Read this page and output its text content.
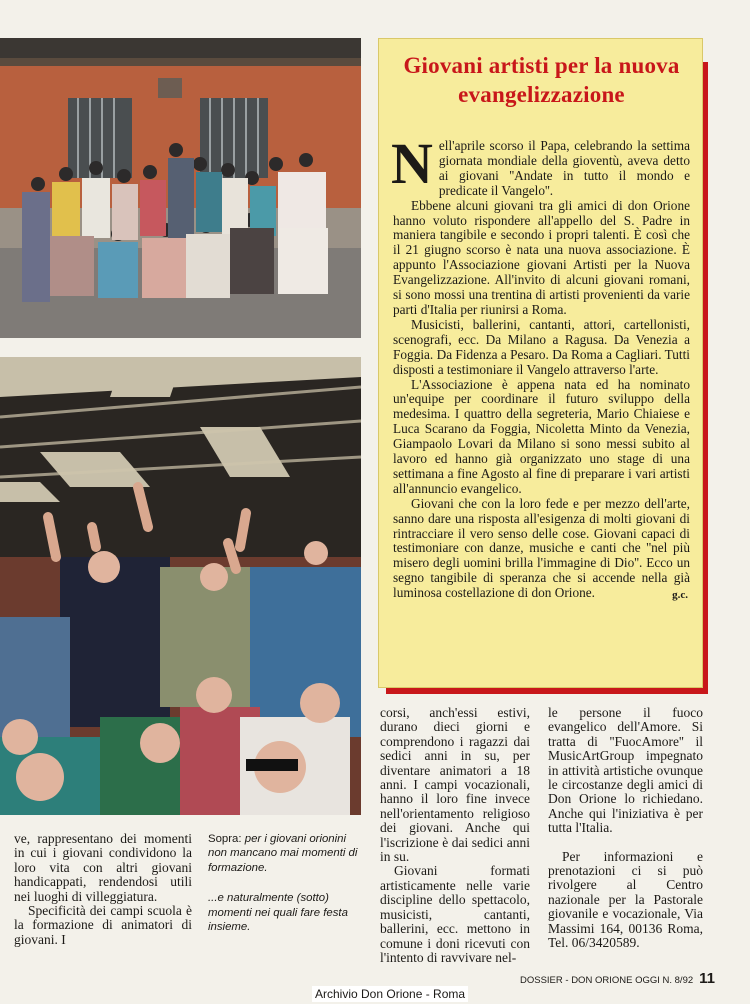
Giovani artisti per la nuova evangelizzazione

Nell'aprile scorso il Papa, celebrando la settima giornata mondiale della gioventù, aveva detto ai giovani ''Andate in tutto il mondo e predicate il Vangelo''.

Ebbene alcuni giovani tra gli amici di don Orione hanno voluto rispondere all'appello del S. Padre in maniera tangibile e secondo i propri talenti. È così che il 21 giugno scorso è nata una nuova associazione. È appunto l'Associazione giovani Artisti per la Nuova Evangelizzazione. All'invito di alcuni giovani romani, si sono mossi una trentina di artisti provenienti da varie parti d'Italia per riunirsi a Roma.

Musicisti, ballerini, cantanti, attori, cartellonisti, scenografi, ecc. Da Milano a Ragusa. Da Venezia a Foggia. Da Fidenza a Pesaro. Da Roma a Cagliari. Tutti disposti a testimoniare il Vangelo attraverso l'arte.

L'Associazione è appena nata ed ha nominato un'equipe per coordinare il futuro sviluppo della medesima. I quattro della segreteria, Mario Chiaiese e Luca Scarano da Foggia, Nicoletta Minto da Venezia, Giampaolo Lovari da Milano si sono messi subito al lavoro ed hanno già organizzato uno stage di una settimana a fine Agosto al fine di preparare i vari artisti all'annuncio evangelico.

Giovani che con la loro fede e per mezzo dell'arte, sanno dare una risposta all'esigenza di molti giovani di rintracciare il vero senso delle cose. Giovani capaci di testimoniare con danze, musiche e canti che ''nel più misero degli uomini brilla l'immagine di Dio''. Ecco un segno tangibile di speranza che si accende nella già luminosa costellazione di don Orione.	g.c.

ve, rappresentano dei momenti in cui i giovani condividono la loro vita con altri giovani handicappati, rendendosi utili nei luoghi di villeggiatura.

Specificità dei campi scuola è la formazione di animatori di giovani. I

Sopra: per i giovani orionini non mancano mai momenti di formazione.
...e naturalmente (sotto) momenti nei quali fare festa insieme.

corsi, anch'essi estivi, durano dieci giorni e comprendono i ragazzi dai sedici anni in su, per diventare animatori a 18 anni. I campi vocazionali, hanno il loro fine invece nell'orientamento religioso dei giovani. Anche qui l'iscrizione è dai sedici anni in su.

Giovani formati artisticamente nelle varie discipline dello spettacolo, musicisti, cantanti, ballerini, ecc. mettono in comune i doni ricevuti con l'intento di ravvivare nel-

le persone il fuoco evangelico dell'Amore. Si tratta di ''FuocAmore'' il MusicArtGroup impegnato in attività artistiche ovunque le circostanze degli amici di Don Orione lo richiedano. Anche qui l'iniziativa è per tutta l'Italia.

Per informazioni e prenotazioni ci si può rivolgere al Centro nazionale per la Pastorale giovanile e vocazionale, Via Massimi 164, 00136 Roma, Tel. 06/3420589.

DOSSIER - DON ORIONE OGGI N. 8/92 11
Archivio Don Orione - Roma
